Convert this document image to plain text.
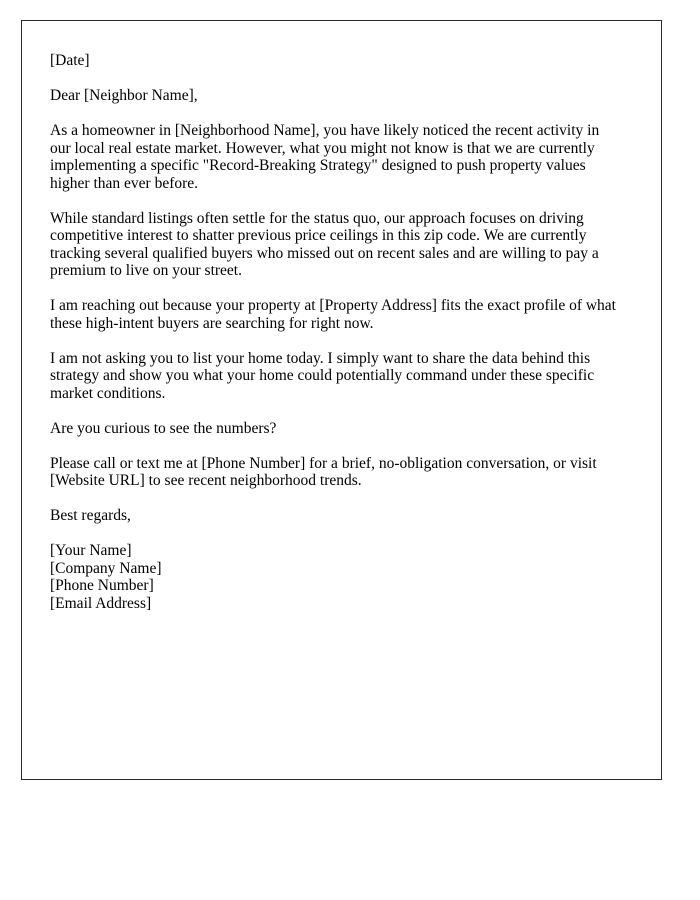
[Date]

Dear [Neighbor Name],

As a homeowner in [Neighborhood Name], you have likely noticed the recent activity in our local real estate market. However, what you might not know is that we are currently implementing a specific "Record-Breaking Strategy" designed to push property values higher than ever before.

While standard listings often settle for the status quo, our approach focuses on driving competitive interest to shatter previous price ceilings in this zip code. We are currently tracking several qualified buyers who missed out on recent sales and are willing to pay a premium to live on your street.

I am reaching out because your property at [Property Address] fits the exact profile of what these high-intent buyers are searching for right now.

I am not asking you to list your home today. I simply want to share the data behind this strategy and show you what your home could potentially command under these specific market conditions.

Are you curious to see the numbers?

Please call or text me at [Phone Number] for a brief, no-obligation conversation, or visit [Website URL] to see recent neighborhood trends.

Best regards,

[Your Name]
[Company Name]
[Phone Number]
[Email Address]
